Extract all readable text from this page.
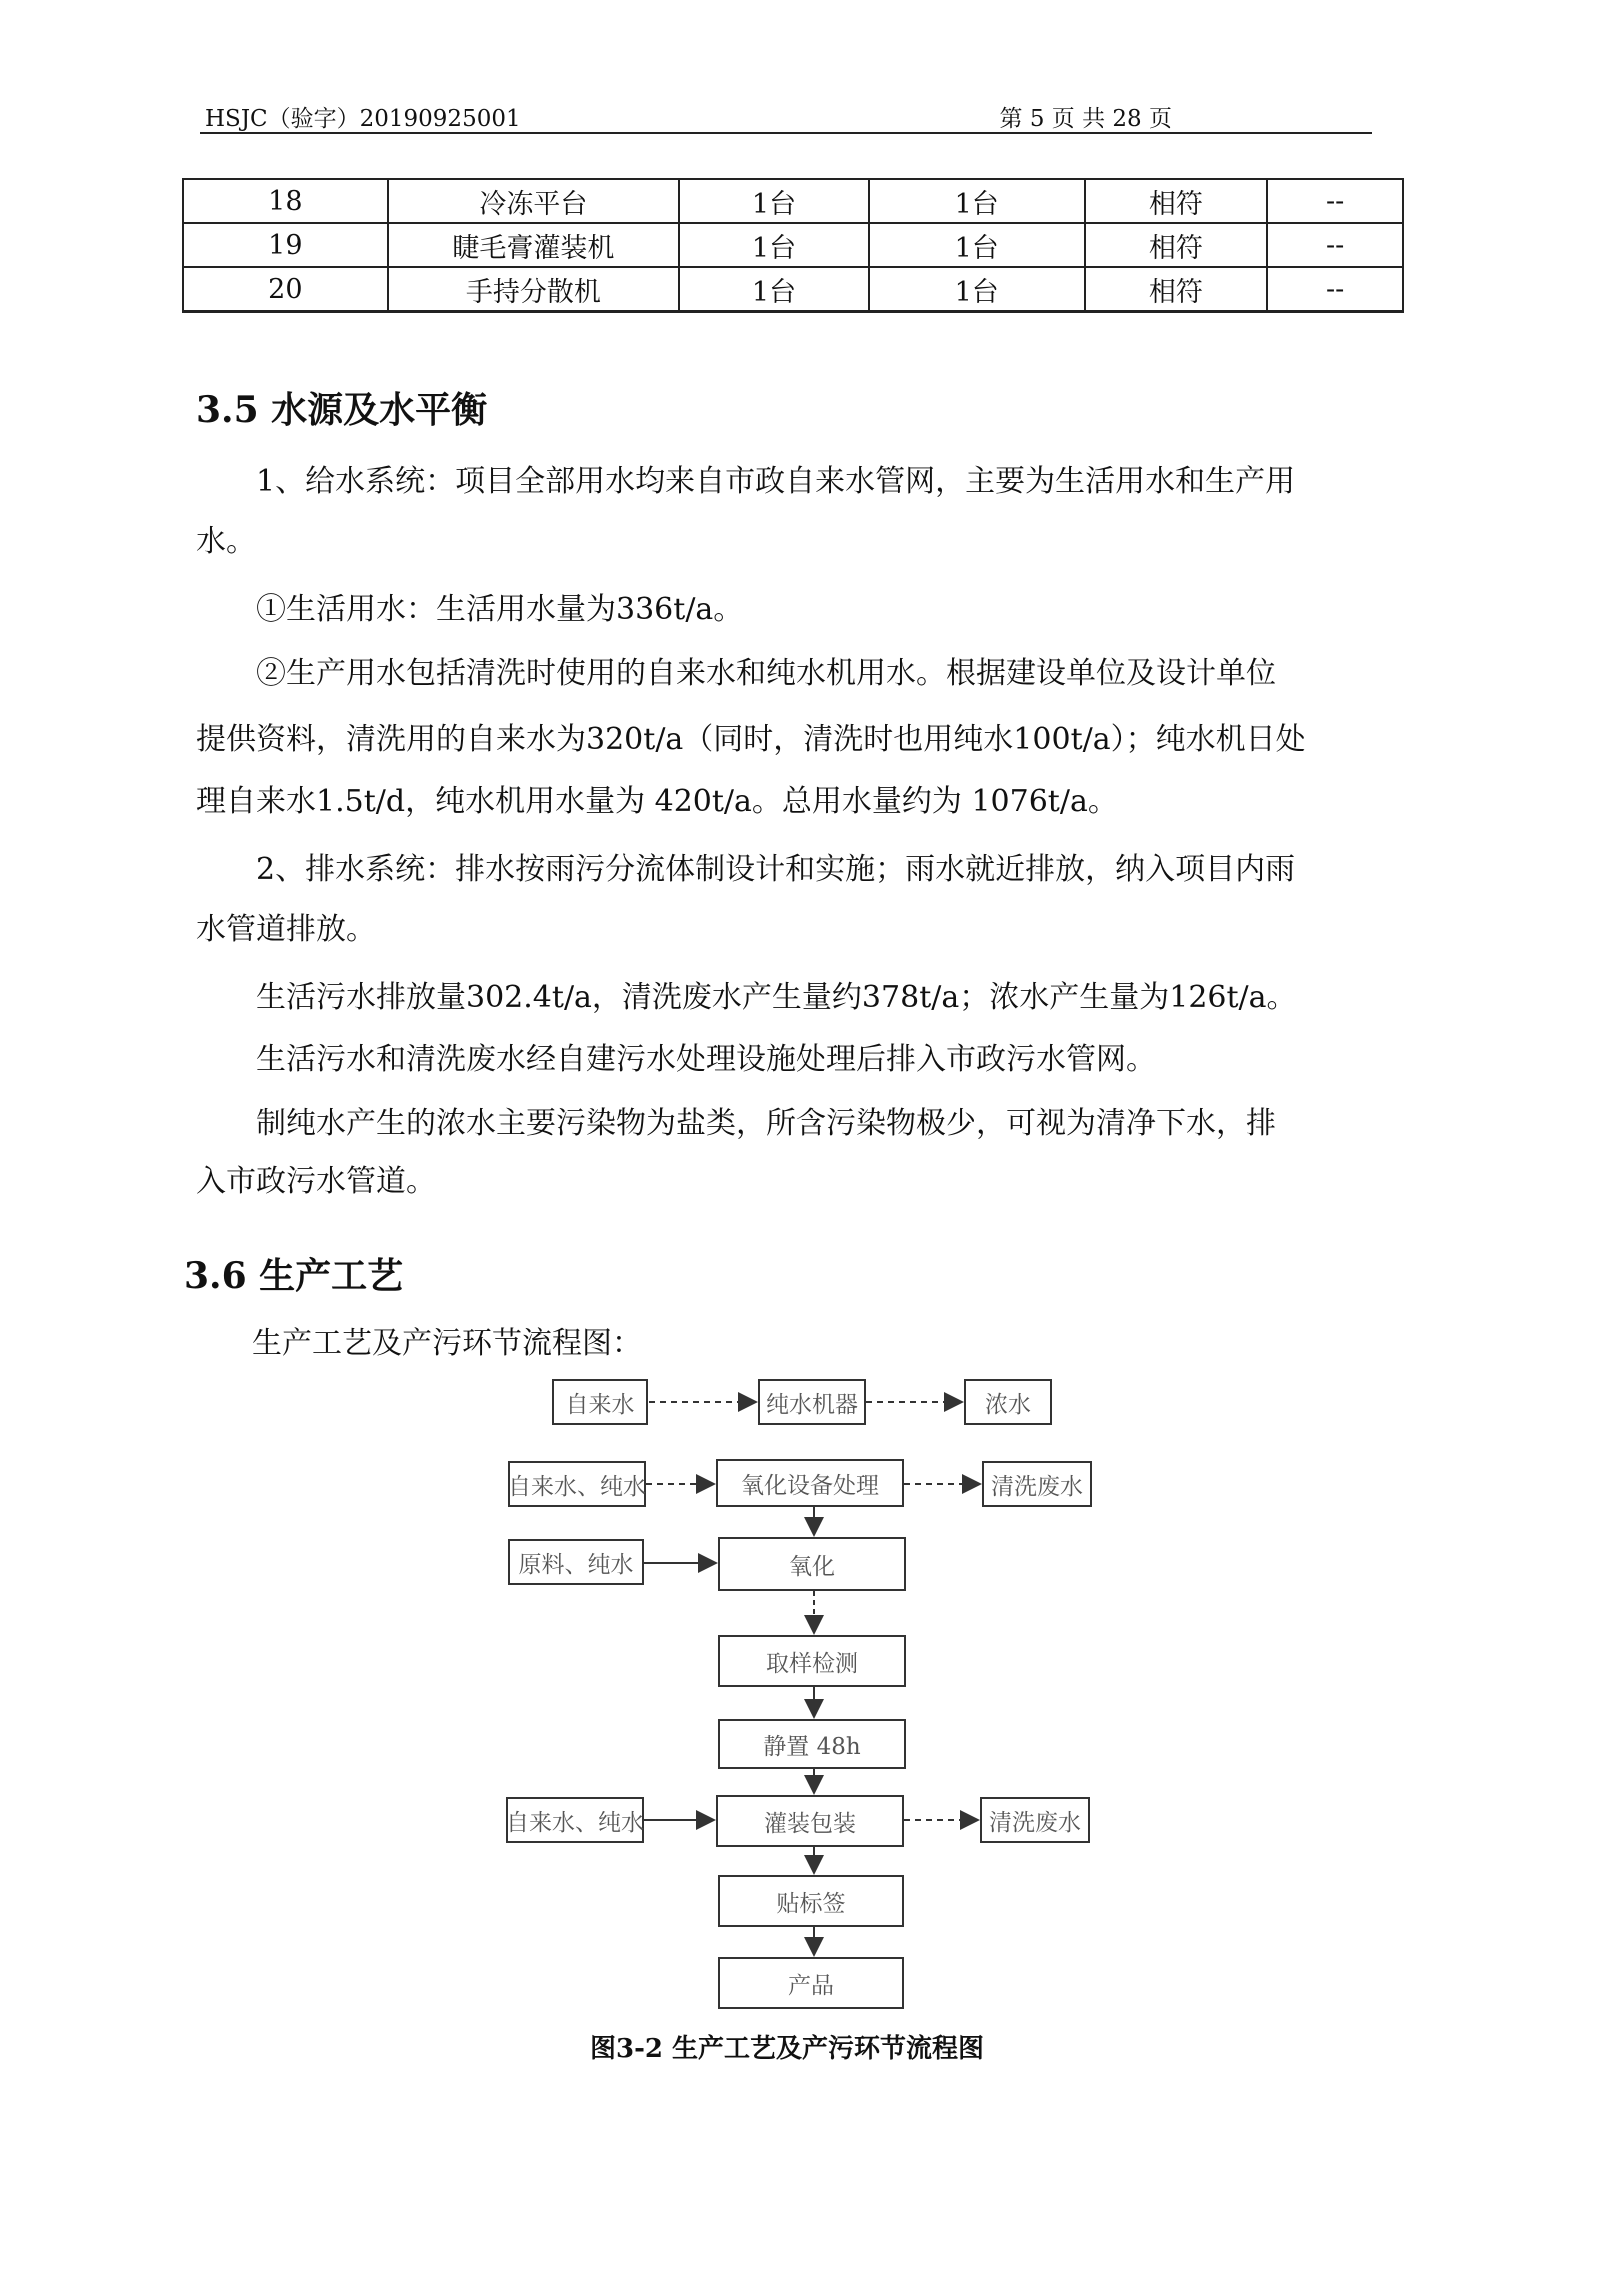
HSJC（验字）20190925001	第 5 页 共 28 页
18	冷冻平台	1台	1台	相符	--
19	睫毛膏灌装机	1台	1台	相符	--
20	手持分散机	1台	1台	相符	--
3.5 水源及水平衡
1、给水系统：项目全部用水均来自市政自来水管网，主要为生活用水和生产用
水。
①生活用水：生活用水量为336t/a。
②生产用水包括清洗时使用的自来水和纯水机用水。根据建设单位及设计单位
提供资料，清洗用的自来水为320t/a（同时，清洗时也用纯水100t/a）；纯水机日处
理自来水1.5t/d，纯水机用水量为 420t/a。总用水量约为 1076t/a。
2、排水系统：排水按雨污分流体制设计和实施；雨水就近排放，纳入项目内雨
水管道排放。
生活污水排放量302.4t/a，清洗废水产生量约378t/a；浓水产生量为126t/a。
生活污水和清洗废水经自建污水处理设施处理后排入市政污水管网。
制纯水产生的浓水主要污染物为盐类，所含污染物极少，可视为清净下水，排
入市政污水管道。
3.6 生产工艺
生产工艺及产污环节流程图：
自来水	纯水机器	浓水
自来水、纯水	氧化设备处理	清洗废水
原料、纯水	氧化
取样检测
静置 48h
自来水、纯水	灌装包装	清洗废水
贴标签
产品
图3-2 生产工艺及产污环节流程图
